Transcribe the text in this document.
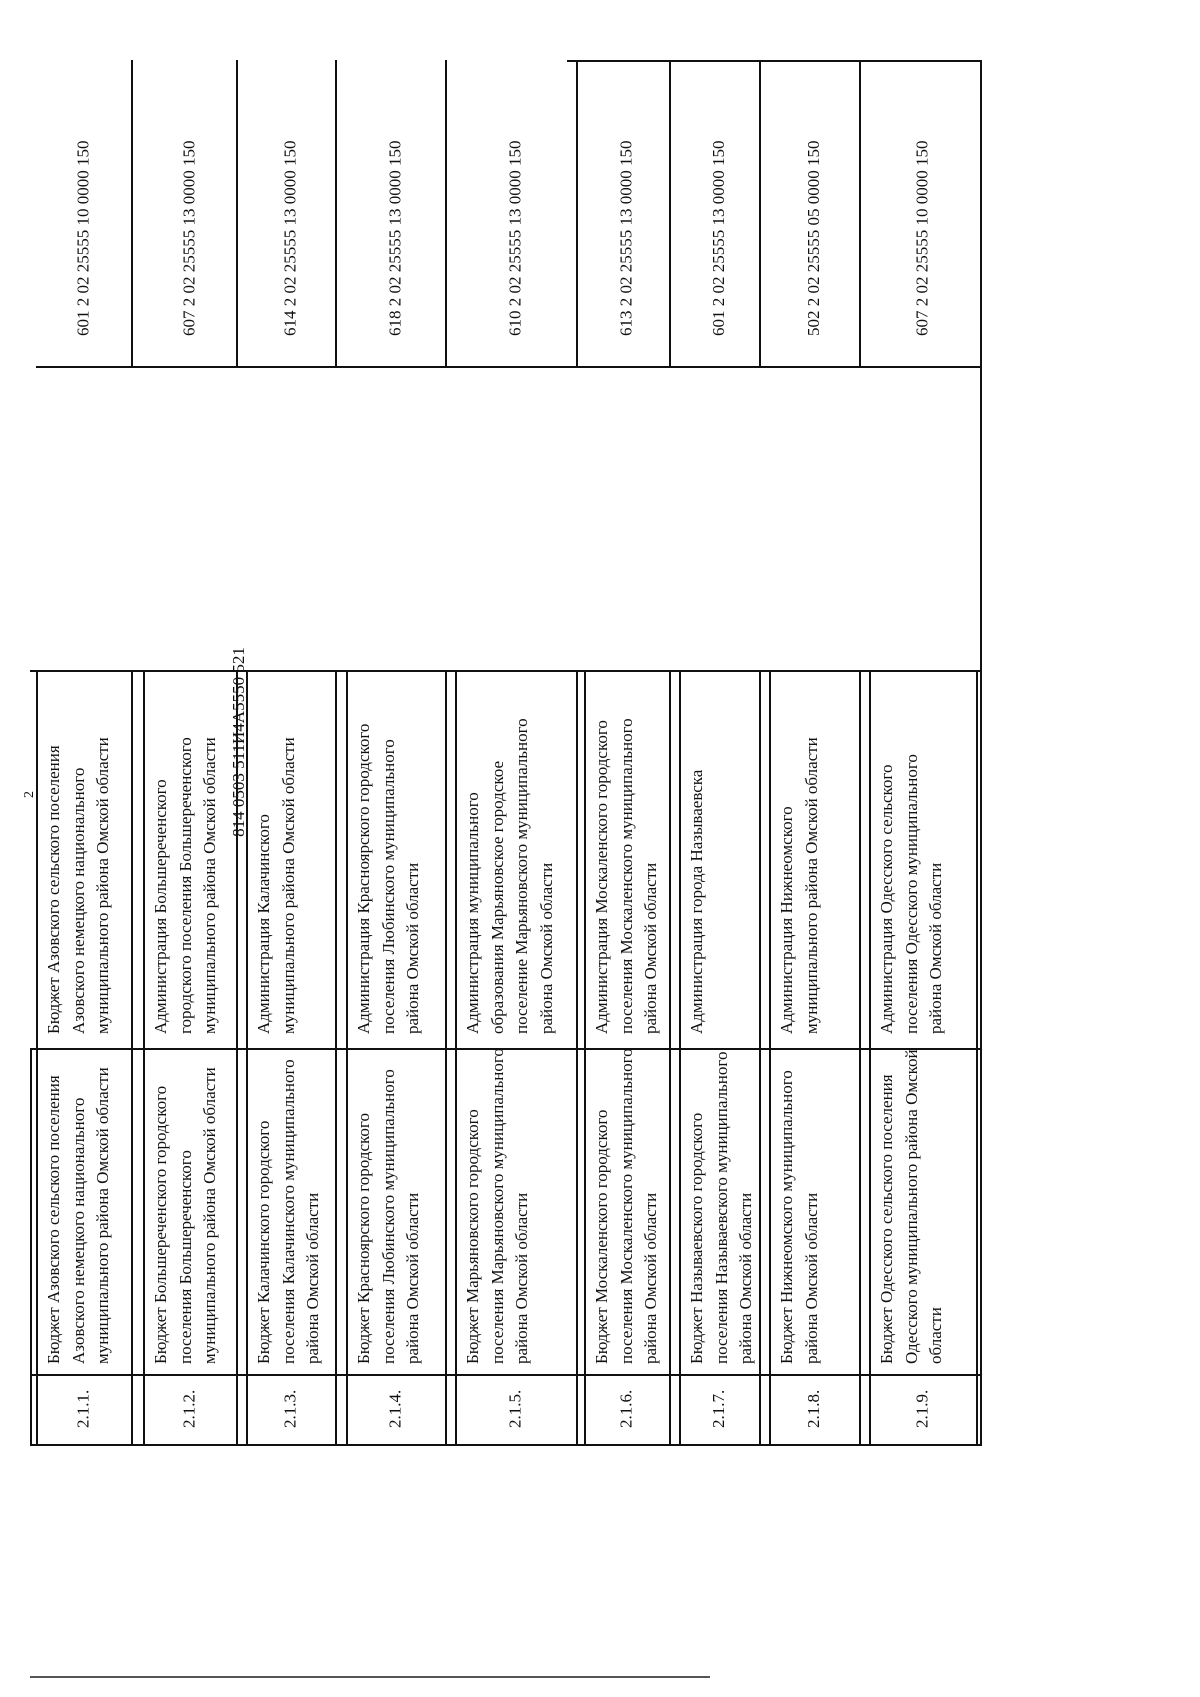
2	814 0503 511И4А5550 521
2.1.1.
Бюджет Азовского сельского поселения Азовского немецкого национального муниципального района Омской области
Бюджет Азовского сельского поселения Азовского немецкого национального муниципального района Омской области
601 2 02 25555 10 0000 150
2.1.2.
Бюджет Большереченского городского поселения Большереченского муниципального района Омской области
Администрация Большереченского городского поселения Большереченского муниципального района Омской области
607 2 02 25555 13 0000 150
2.1.3.
Бюджет Калачинского городского поселения Калачинского муниципального района Омской области
Администрация Калачинского муниципального района Омской области
614 2 02 25555 13 0000 150
2.1.4.
Бюджет Красноярского городского поселения Любинского муниципального района Омской области
Администрация Красноярского городского поселения Любинского муниципального района Омской области
618 2 02 25555 13 0000 150
2.1.5.
Бюджет Марьяновского городского поселения Марьяновского муниципального района Омской области
Администрация муниципального образования Марьяновское городское поселение Марьяновского муниципального района Омской области
610 2 02 25555 13 0000 150
2.1.6.
Бюджет Москаленского городского поселения Москаленского муниципального района Омской области
Администрация Москаленского городского поселения Москаленского муниципального района Омской области
613 2 02 25555 13 0000 150
2.1.7.
Бюджет Называевского городского поселения Называевского муниципального района Омской области
Администрация города Называевска
601 2 02 25555 13 0000 150
2.1.8.
Бюджет Нижнеомского муниципального района Омской области
Администрация Нижнеомского муниципального района Омской области
502 2 02 25555 05 0000 150
2.1.9.
Бюджет Одесского сельского поселения Одесского муниципального района Омской области
Администрация Одесского сельского поселения Одесского муниципального района Омской области
607 2 02 25555 10 0000 150
